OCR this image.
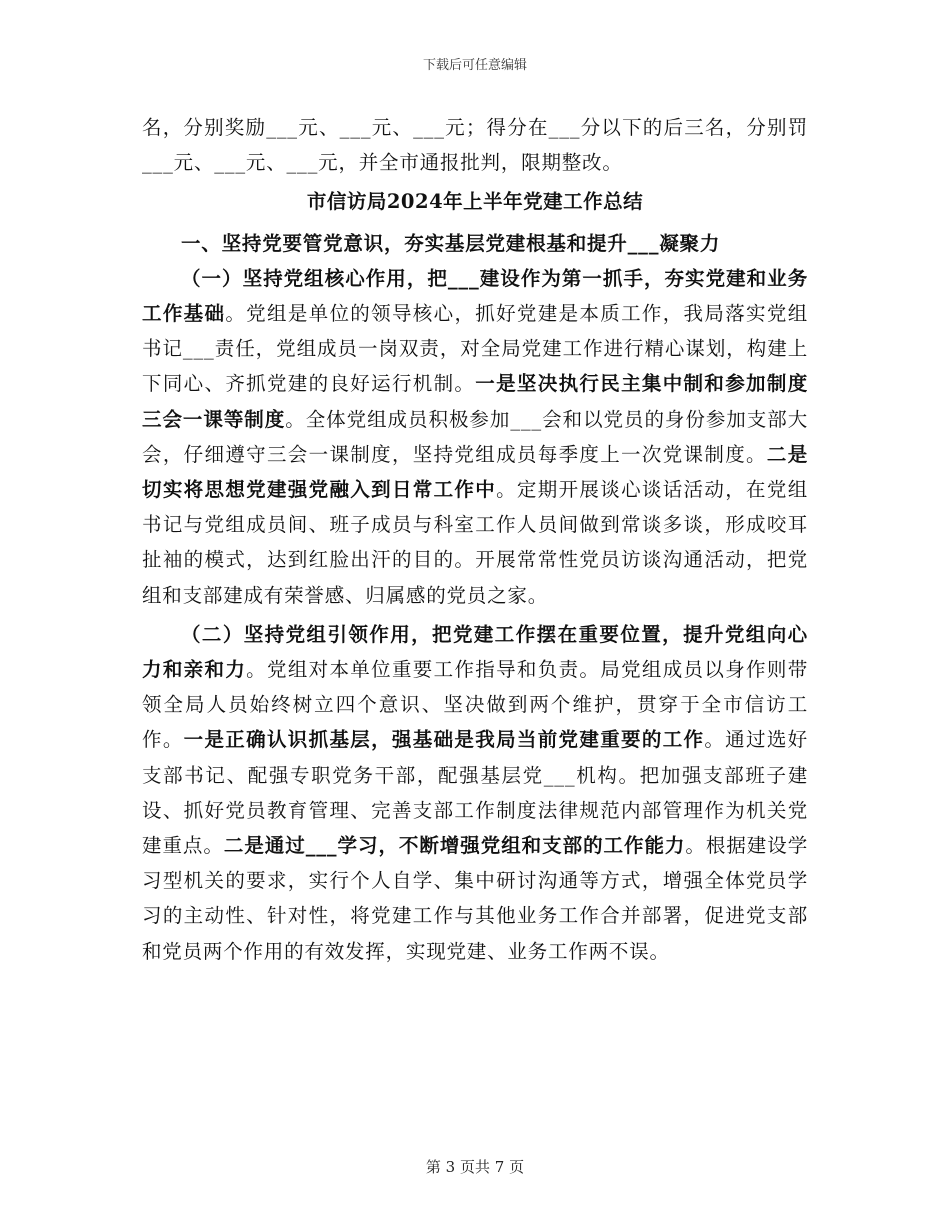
下载后可任意编辑

名，分别奖励___元、___元、___元；得分在___分以下的后三名，分别罚___元、___元、___元，并全市通报批判，限期整改。

市信访局2024年上半年党建工作总结

一、坚持党要管党意识，夯实基层党建根基和提升___凝聚力

（一）坚持党组核心作用，把___建设作为第一抓手，夯实党建和业务工作基础。党组是单位的领导核心，抓好党建是本质工作，我局落实党组书记___责任，党组成员一岗双责，对全局党建工作进行精心谋划，构建上下同心、齐抓党建的良好运行机制。一是坚决执行民主集中制和参加制度三会一课等制度。全体党组成员积极参加___会和以党员的身份参加支部大会，仔细遵守三会一课制度，坚持党组成员每季度上一次党课制度。二是切实将思想党建强党融入到日常工作中。定期开展谈心谈话活动，在党组书记与党组成员间、班子成员与科室工作人员间做到常谈多谈，形成咬耳扯袖的模式，达到红脸出汗的目的。开展常常性党员访谈沟通活动，把党组和支部建成有荣誉感、归属感的党员之家。

（二）坚持党组引领作用，把党建工作摆在重要位置，提升党组向心力和亲和力。党组对本单位重要工作指导和负责。局党组成员以身作则带领全局人员始终树立四个意识、坚决做到两个维护，贯穿于全市信访工作。一是正确认识抓基层，强基础是我局当前党建重要的工作。通过选好支部书记、配强专职党务干部，配强基层党___机构。把加强支部班子建设、抓好党员教育管理、完善支部工作制度法律规范内部管理作为机关党建重点。二是通过___学习，不断增强党组和支部的工作能力。根据建设学习型机关的要求，实行个人自学、集中研讨沟通等方式，增强全体党员学习的主动性、针对性，将党建工作与其他业务工作合并部署，促进党支部和党员两个作用的有效发挥，实现党建、业务工作两不误。

第 3 页共 7 页
